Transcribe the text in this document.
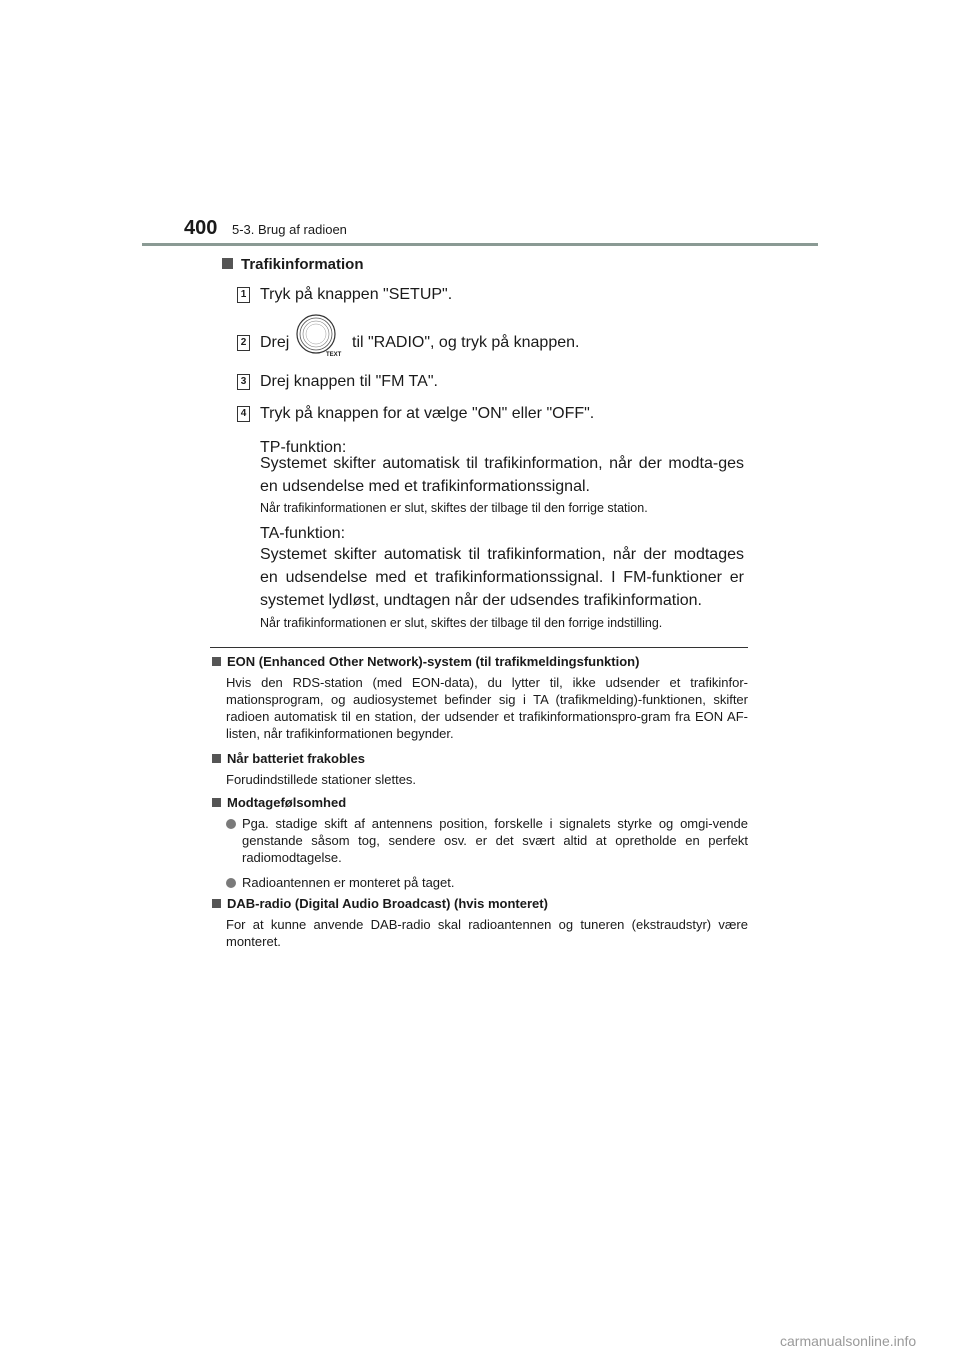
400 5-3. Brug af radioen
Trafikinformation
1 Tryk på knappen "SETUP".
2 Drej	til "RADIO", og tryk på knappen.
TEXT
3 Drej knappen til "FM TA".
4 Tryk på knappen for at vælge "ON" eller "OFF".
TP-funktion:
Systemet skifter automatisk til trafikinformation, når der modta-ges en udsendelse med et trafikinformationssignal.
Når trafikinformationen er slut, skiftes der tilbage til den forrige station.
TA-funktion:
Systemet skifter automatisk til trafikinformation, når der modtages en udsendelse med et trafikinformationssignal. I FM-funktioner er systemet lydløst, undtagen når der udsendes trafikinformation.
Når trafikinformationen er slut, skiftes der tilbage til den forrige indstilling.
EON (Enhanced Other Network)-system (til trafikmeldingsfunktion)
Hvis den RDS-station (med EON-data), du lytter til, ikke udsender et trafikinfor-mationsprogram, og audiosystemet befinder sig i TA (trafikmelding)-funktionen, skifter radioen automatisk til en station, der udsender et trafikinformationspro-gram fra EON AF-listen, når trafikinformationen begynder.
Når batteriet frakobles
Forudindstillede stationer slettes.
Modtagefølsomhed
Pga. stadige skift af antennens position, forskelle i signalets styrke og omgi-vende genstande såsom tog, sendere osv. er det svært altid at opretholde en perfekt radiomodtagelse.
Radioantennen er monteret på taget.
DAB-radio (Digital Audio Broadcast) (hvis monteret)
For at kunne anvende DAB-radio skal radioantennen og tuneren (ekstraudstyr) være monteret.
carmanualsonline.info
